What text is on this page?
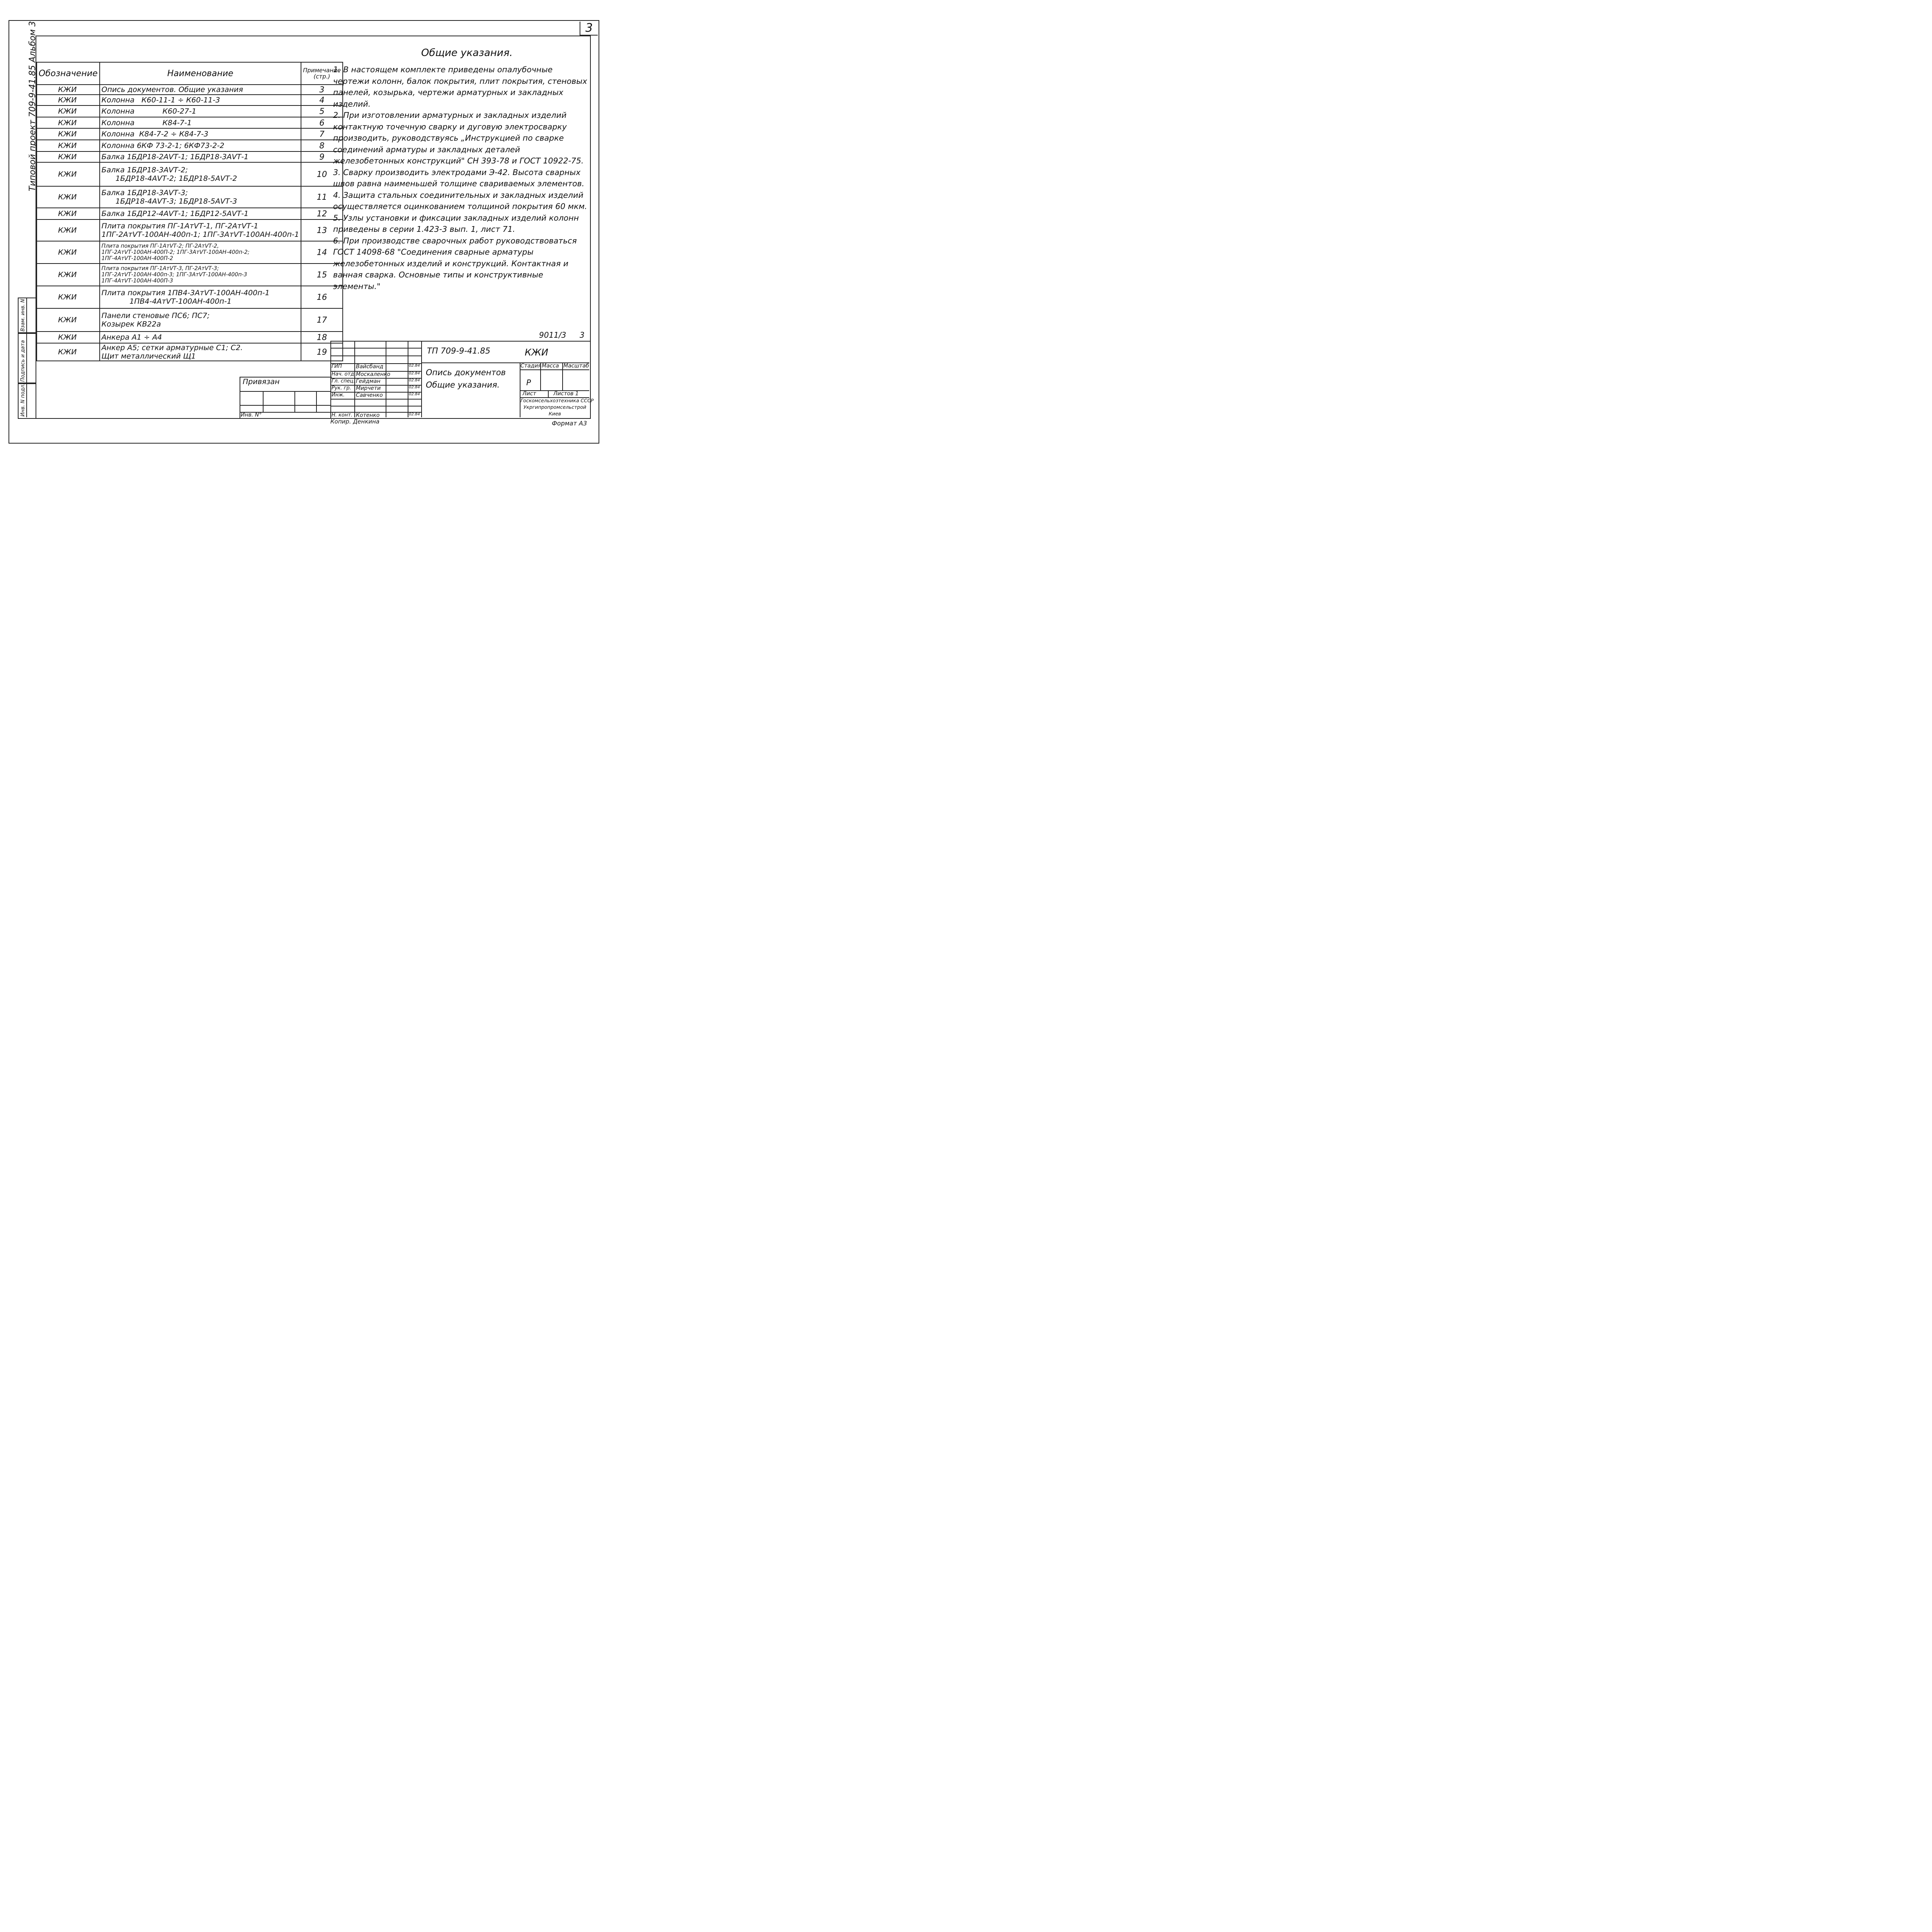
3
Типовой проект 709-9-41.85 Альбом 3
Инв. N подл.
Подпись и дата
Взам. инв. N
Обозначение	Наименование	Примечание (стр.)
КЖИ	Опись документов. Общие указания	3
КЖИ	Колонна   К60-11-1 ÷ К60-11-3	4
КЖИ	Колонна            К60-27-1	5
КЖИ	Колонна            К84-7-1	6
КЖИ	Колонна  К84-7-2 ÷ К84-7-3	7
КЖИ	Колонна 6КФ 73-2-1; 6КФ73-2-2	8
КЖИ	Балка 1БДР18-2АⅤТ-1; 1БДР18-3АⅤТ-1	9
КЖИ	Балка 1БДР18-3АⅤТ-2;
1БДР18-4АⅤТ-2; 1БДР18-5АⅤТ-2	10
КЖИ	Балка 1БДР18-3АⅤТ-3;
1БДР18-4АⅤТ-3; 1БДР18-5АⅤТ-3	11
КЖИ	Балка 1БДР12-4АⅤТ-1; 1БДР12-5АⅤТ-1	12
КЖИ	Плита покрытия ПГ-1АтⅤТ-1, ПГ-2АтⅤТ-1
1ПГ-2АтⅤТ-100АН-400п-1; 1ПГ-3АтⅤТ-100АН-400п-1	13
КЖИ	Плита покрытия ПГ-1АтⅤТ-2; ПГ-2АтⅤТ-2,
1ПГ-2АтⅤТ-100АН-400П-2; 1ПГ-3АтⅤТ-100АН-400п-2;
1ПГ-4АтⅤТ-100АН-400П-2	14
КЖИ	Плита покрытия ПГ-1АтⅤТ-3, ПГ-2АтⅤТ-3;
1ПГ-2АтⅤТ-100АН-400п-3; 1ПГ-3АтⅤТ-100АН-400п-3
1ПГ-4АтⅤТ-100АН-400П-3	15
КЖИ	Плита покрытия 1ПВ4-3АтⅤТ-100АН-400п-1
1ПВ4-4АтⅤТ-100АН-400п-1	16
КЖИ	Панели стеновые ПС6; ПС7;
Козырек КВ22а	17
КЖИ	Анкера А1 ÷ А4	18
КЖИ	Анкер А5; сетки арматурные С1; С2.
Щит металлический Щ1	19
Общие указания.

1. В настоящем комплекте приведены опалубочные чертежи колонн, балок покрытия, плит покрытия, стеновых панелей, козырька, чертежи арматурных и закладных изделий.

2. При изготовлении арматурных и закладных изделий контактную точечную сварку и дуговую электросварку производить, руководствуясь „Инструкцией по сварке соединений арматуры и закладных деталей железобетонных конструкций" СН 393-78 и ГОСТ 10922-75.

3. Сварку производить электродами Э-42. Высота сварных швов равна наименьшей толщине свариваемых элементов.

4. Защита стальных соединительных и закладных изделий осуществляется оцинкованием толщиной покрытия 60 мкм.

5. Узлы установки и фиксации закладных изделий колонн приведены в серии 1.423-3 вып. 1, лист 71.

6. При производстве сварочных работ руководствоваться ГОСТ 14098-68 "Соединения сварные арматуры железобетонных изделий и конструкций. Контактная и ванная сварка. Основные типы и конструктивные элементы."

9011/3 3
Привязан
Инв. N°
ГИП	Вайсбанд	02.84
Нач. отд. Москаленко	02.84
Гл. спец. Гейдман	02.84
Рук. гр. Мирчети	02.84
Инж. Савченко	02.84
Н. конт. Котенко	02.84
ТП 709-9-41.85	КЖИ
Опись документов
Общие указания.
Стадия Масса Масштаб
Р
Лист	Листов 1
Госкомсельхозтехника СССР
Укргипропромсельстрой
Киев
Копир. Денкина	Формат А3
